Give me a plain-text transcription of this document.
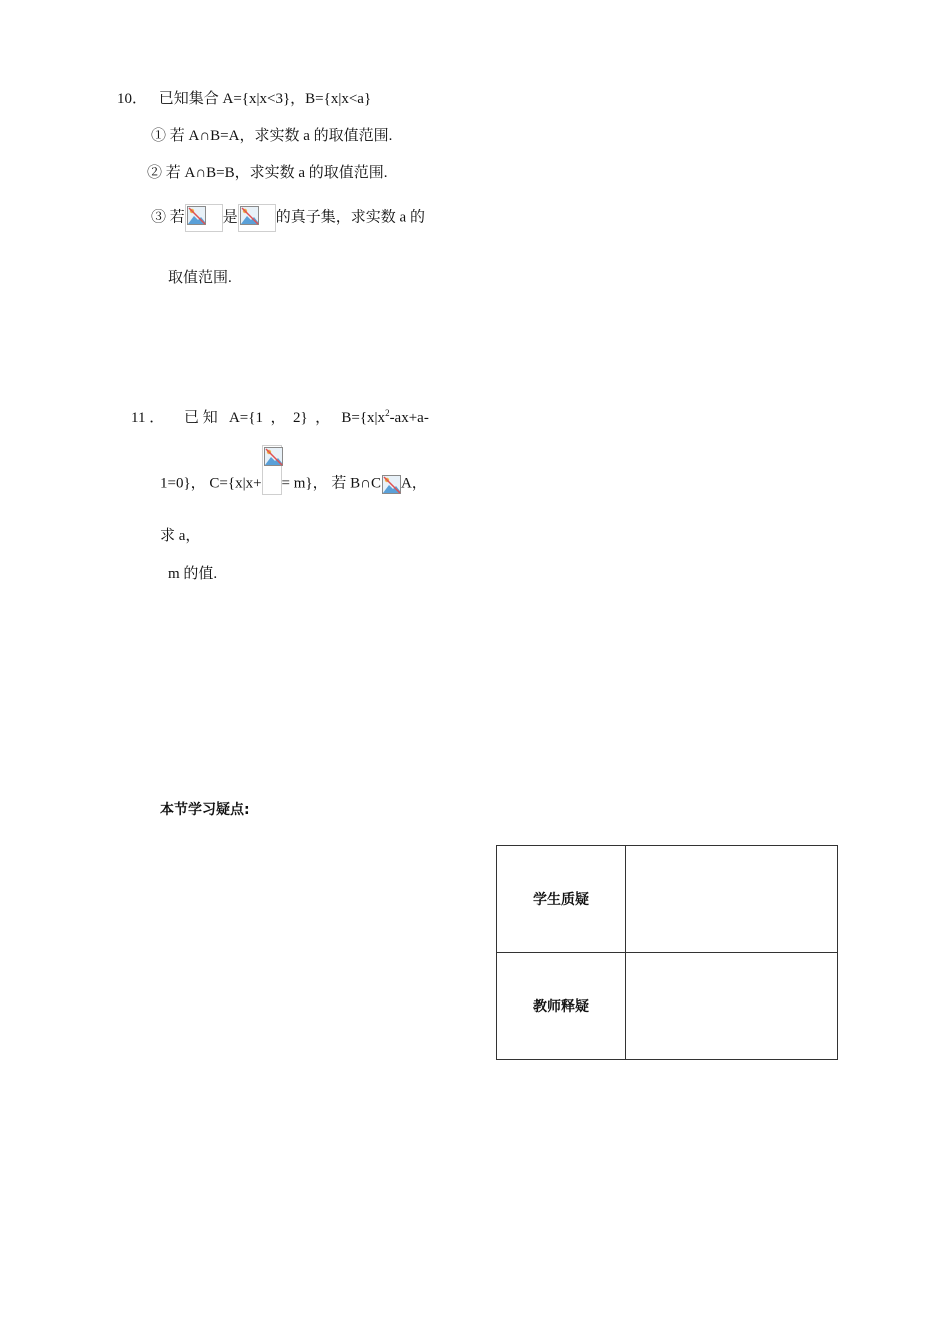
10． 已知集合 A={x|x<3}，B={x|x<a}
① 若 A∩B=A，求实数 a 的取值范围.
② 若 A∩B=B，求实数 a 的取值范围.
③ 若	是	的真子集，求实数 a 的
取值范围.
11 ． 已 知   A={1  ，  2}  ，   $B=\{x|x^2-ax+a-$
1=0}， C={x|x+ = m}， 若 B∩C A，
求 a，
m 的值.
本节学习疑点:
学生质疑	
教师释疑	
